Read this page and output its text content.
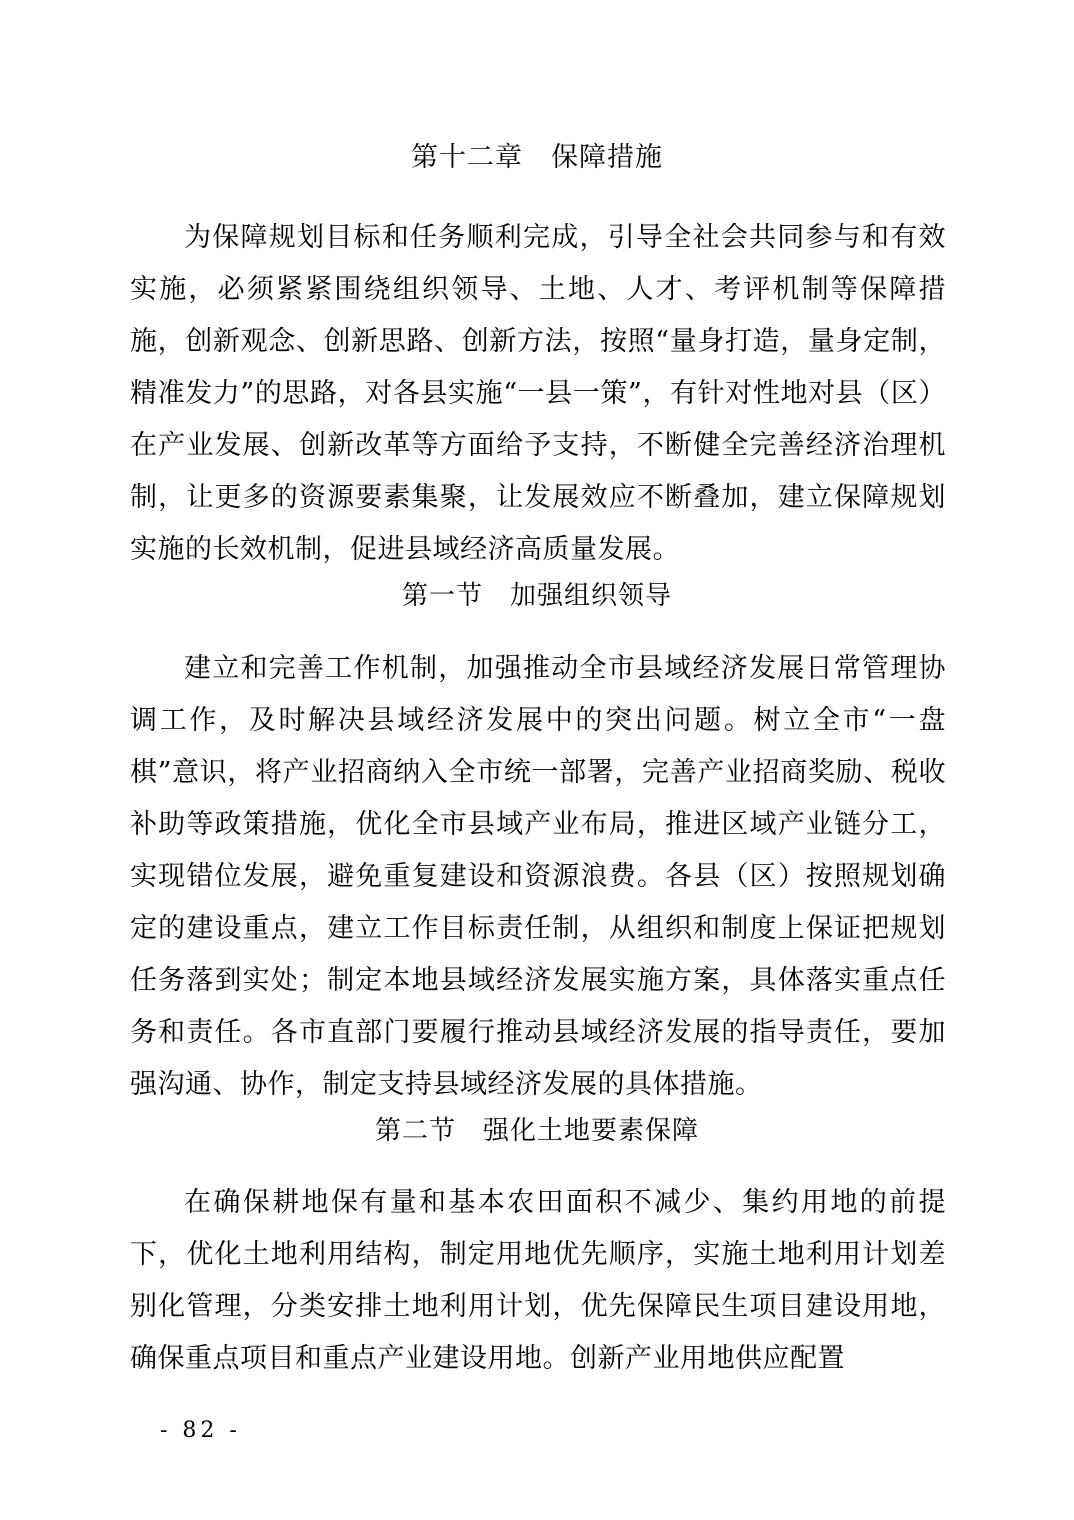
第十二章　保障措施

为保障规划目标和任务顺利完成，引导全社会共同参与和有效实施，必须紧紧围绕组织领导、土地、人才、考评机制等保障措施，创新观念、创新思路、创新方法，按照“量身打造，量身定制，精准发力”的思路，对各县实施“一县一策”，有针对性地对县（区）在产业发展、创新改革等方面给予支持，不断健全完善经济治理机制，让更多的资源要素集聚，让发展效应不断叠加，建立保障规划实施的长效机制，促进县域经济高质量发展。

第一节　加强组织领导

建立和完善工作机制，加强推动全市县域经济发展日常管理协调工作，及时解决县域经济发展中的突出问题。树立全市“一盘棋”意识，将产业招商纳入全市统一部署，完善产业招商奖励、税收补助等政策措施，优化全市县域产业布局，推进区域产业链分工，实现错位发展，避免重复建设和资源浪费。各县（区）按照规划确定的建设重点，建立工作目标责任制，从组织和制度上保证把规划任务落到实处；制定本地县域经济发展实施方案，具体落实重点任务和责任。各市直部门要履行推动县域经济发展的指导责任，要加强沟通、协作，制定支持县域经济发展的具体措施。

第二节　强化土地要素保障

在确保耕地保有量和基本农田面积不减少、集约用地的前提下，优化土地利用结构，制定用地优先顺序，实施土地利用计划差别化管理，分类安排土地利用计划，优先保障民生项目建设用地，确保重点项目和重点产业建设用地。创新产业用地供应配置

- 82 -
